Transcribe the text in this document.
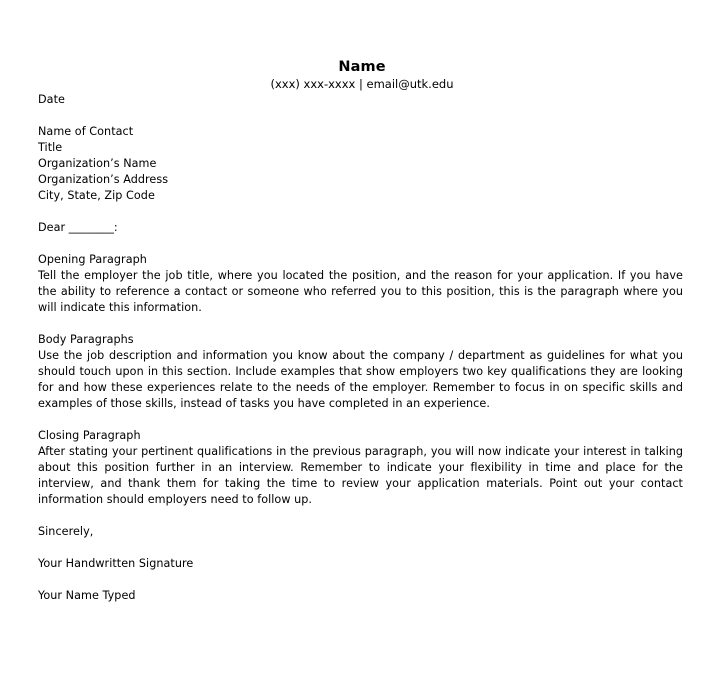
Name
(xxx) xxx-xxxx | email@utk.edu
Date
Name of Contact
Title
Organization’s Name
Organization’s Address
City, State, Zip Code
Dear ________:
Opening Paragraph
Tell the employer the job title, where you located the position, and the reason for your application. If you have the ability to reference a contact or someone who referred you to this position, this is the paragraph where you will indicate this information.
Body Paragraphs
Use the job description and information you know about the company / department as guidelines for what you should touch upon in this section. Include examples that show employers two key qualifications they are looking for and how these experiences relate to the needs of the employer. Remember to focus in on specific skills and examples of those skills, instead of tasks you have completed in an experience.
Closing Paragraph
After stating your pertinent qualifications in the previous paragraph, you will now indicate your interest in talking about this position further in an interview. Remember to indicate your flexibility in time and place for the interview, and thank them for taking the time to review your application materials. Point out your contact information should employers need to follow up.
Sincerely,
Your Handwritten Signature
Your Name Typed
